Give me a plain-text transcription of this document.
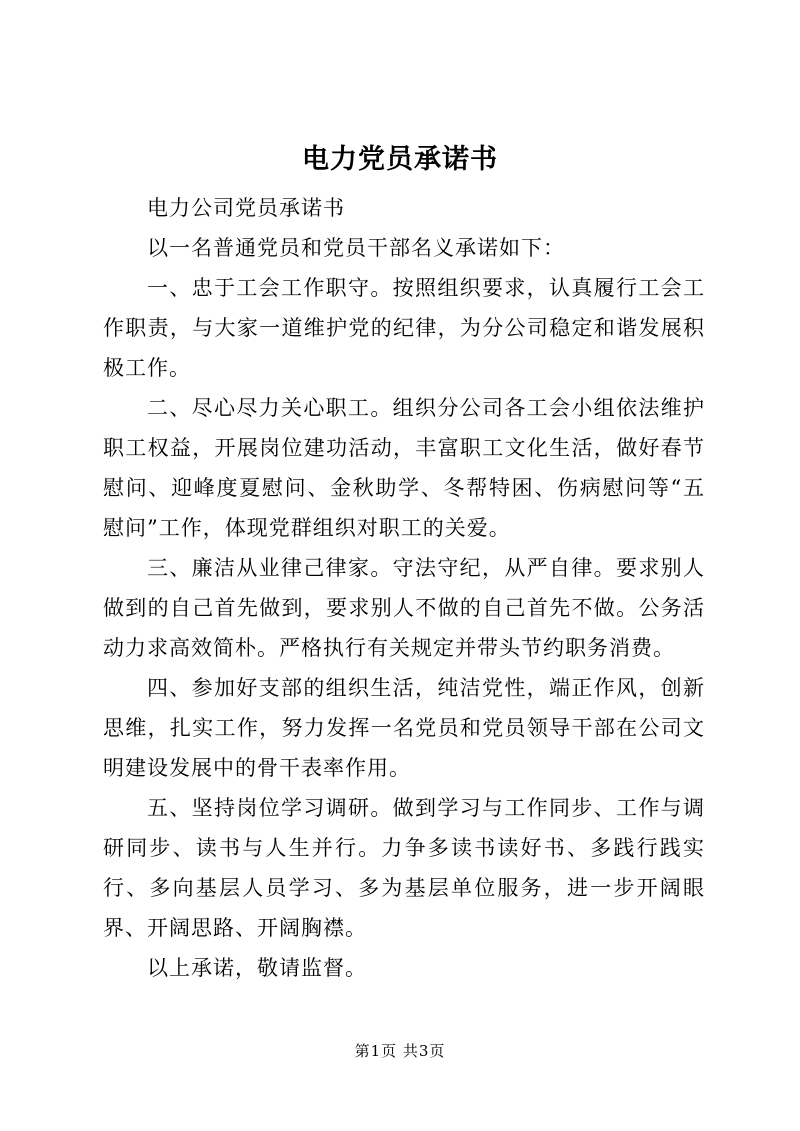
电力党员承诺书

电力公司党员承诺书

以一名普通党员和党员干部名义承诺如下：

一、忠于工会工作职守。按照组织要求，认真履行工会工作职责，与大家一道维护党的纪律，为分公司稳定和谐发展积极工作。

二、尽心尽力关心职工。组织分公司各工会小组依法维护职工权益，开展岗位建功活动，丰富职工文化生活，做好春节慰问、迎峰度夏慰问、金秋助学、冬帮特困、伤病慰问等“五慰问”工作，体现党群组织对职工的关爱。

三、廉洁从业律己律家。守法守纪，从严自律。要求别人做到的自己首先做到，要求别人不做的自己首先不做。公务活动力求高效简朴。严格执行有关规定并带头节约职务消费。

四、参加好支部的组织生活，纯洁党性，端正作风，创新思维，扎实工作，努力发挥一名党员和党员领导干部在公司文明建设发展中的骨干表率作用。

五、坚持岗位学习调研。做到学习与工作同步、工作与调研同步、读书与人生并行。力争多读书读好书、多践行践实行、多向基层人员学习、多为基层单位服务，进一步开阔眼界、开阔思路、开阔胸襟。

以上承诺，敬请监督。

第1页 共3页
